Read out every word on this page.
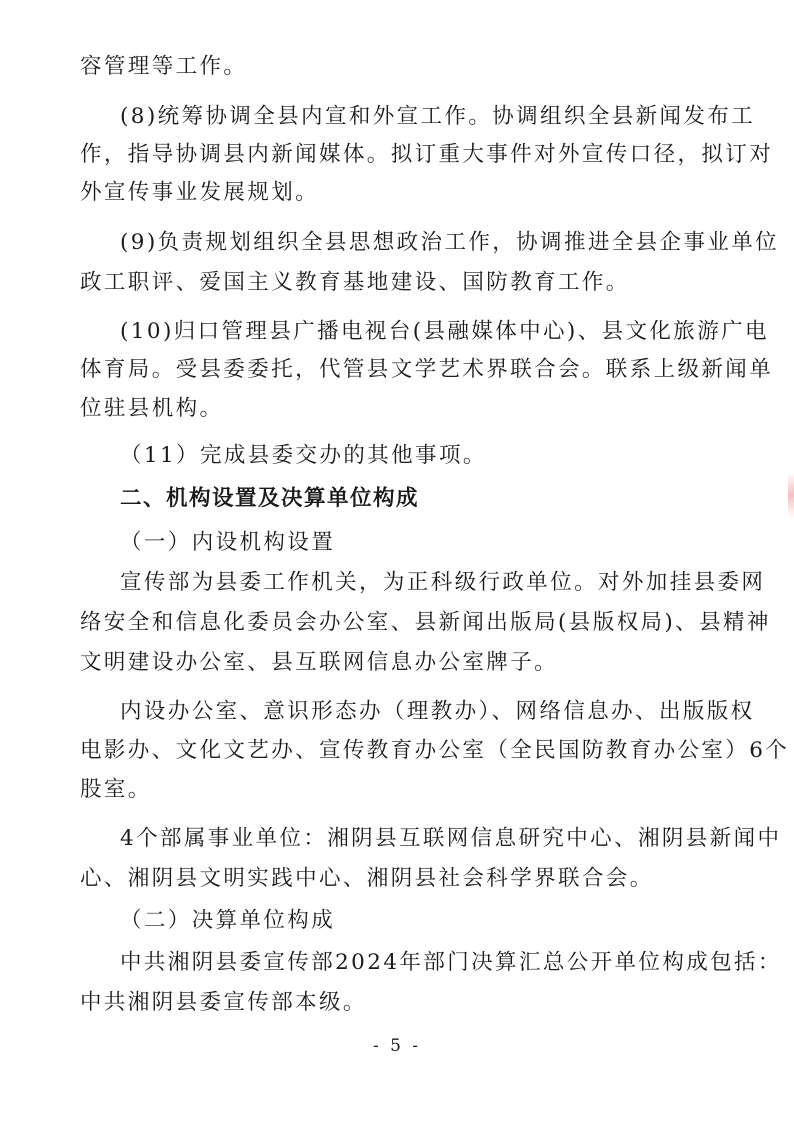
容管理等工作。
(8)统筹协调全县内宣和外宣工作。协调组织全县新闻发布工
作，指导协调县内新闻媒体。拟订重大事件对外宣传口径，拟订对
外宣传事业发展规划。
(9)负责规划组织全县思想政治工作，协调推进全县企事业单位
政工职评、爱国主义教育基地建设、国防教育工作。
(10)归口管理县广播电视台(县融媒体中心)、县文化旅游广电
体育局。受县委委托，代管县文学艺术界联合会。联系上级新闻单
位驻县机构。
（11）完成县委交办的其他事项。
二、机构设置及决算单位构成
（一）内设机构设置
宣传部为县委工作机关，为正科级行政单位。对外加挂县委网
络安全和信息化委员会办公室、县新闻出版局(县版权局)、县精神
文明建设办公室、县互联网信息办公室牌子。
内设办公室、意识形态办（理教办）、网络信息办、出版版权
电影办、文化文艺办、宣传教育办公室（全民国防教育办公室）6个
股室。
4个部属事业单位：湘阴县互联网信息研究中心、湘阴县新闻中
心、湘阴县文明实践中心、湘阴县社会科学界联合会。
（二）决算单位构成
中共湘阴县委宣传部2024年部门决算汇总公开单位构成包括：
中共湘阴县委宣传部本级。
- 5 -
